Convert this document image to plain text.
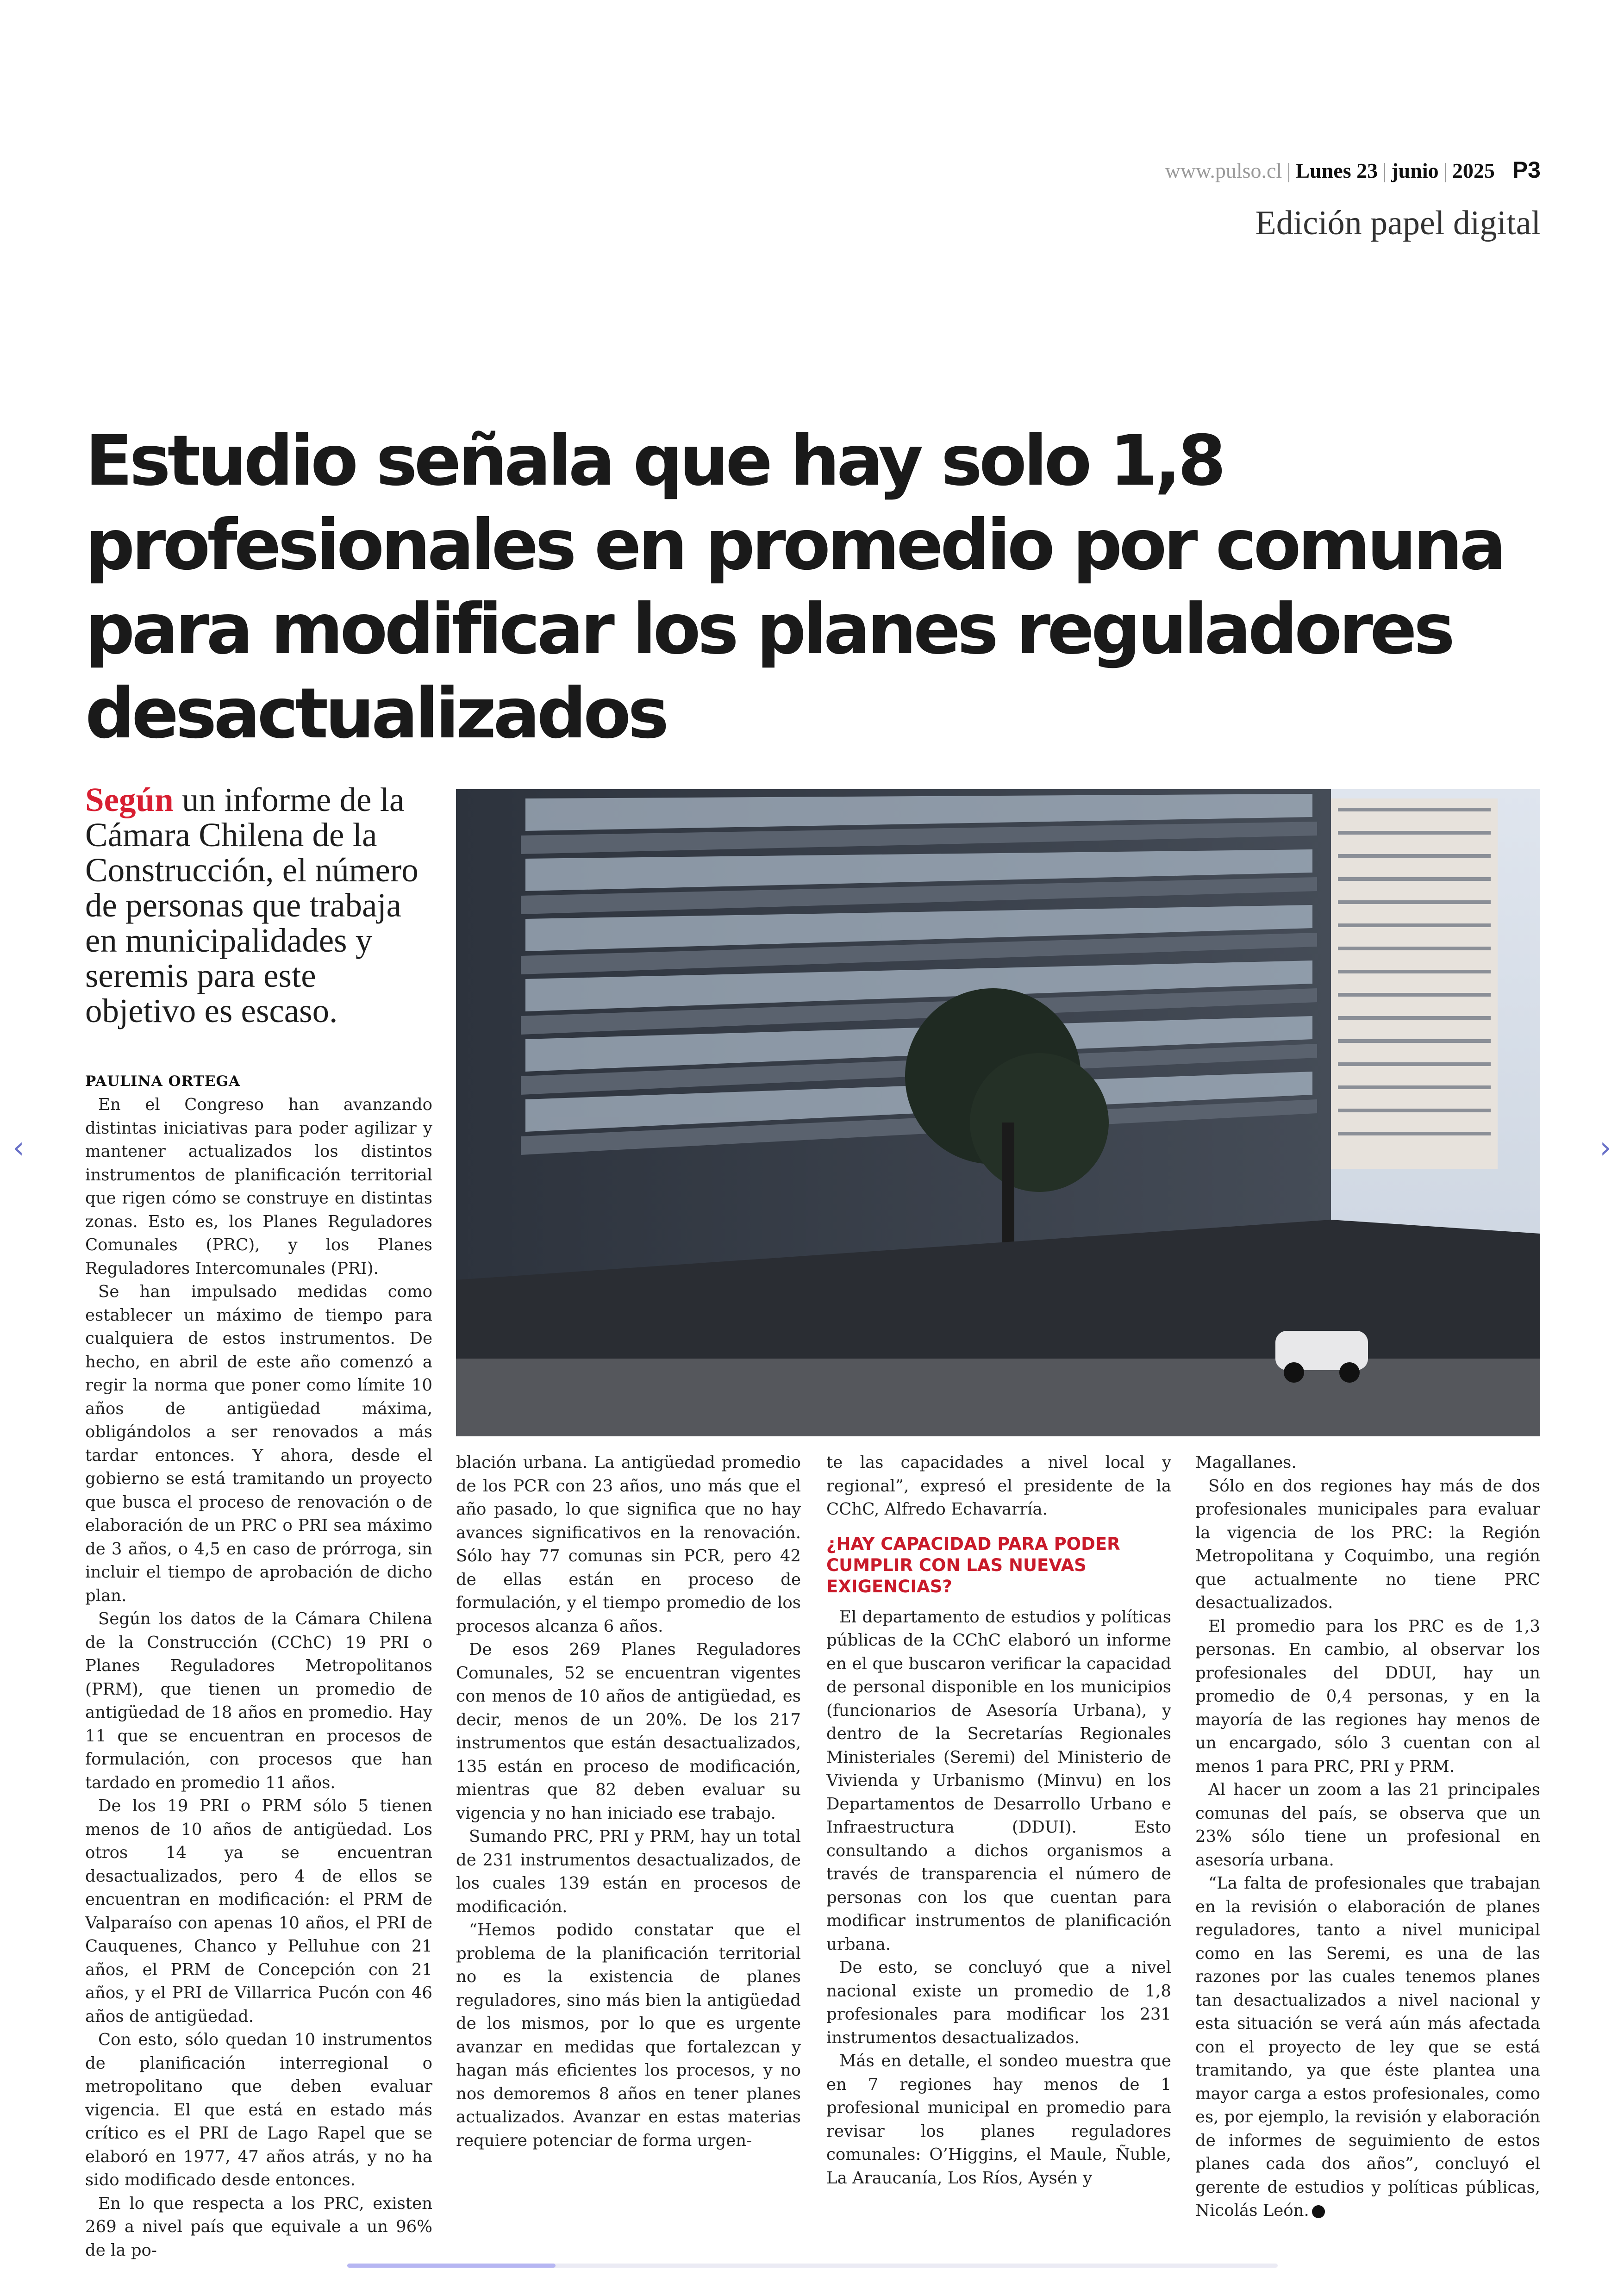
www.pulso.cl | Lunes 23 | junio | 2025 P3
Edición papel digital
Estudio señala que hay solo 1,8 profesionales en promedio por comuna para modificar los planes reguladores desactualizados
Según un informe de la Cámara Chilena de la Construcción, el número de personas que trabaja en municipalidades y seremis para este objetivo es escaso.
PAULINA ORTEGA

En el Congreso han avanzando distintas iniciativas para poder agilizar y mantener actualizados los distintos instrumentos de planificación territorial que rigen cómo se construye en distintas zonas. Esto es, los Planes Reguladores Comunales (PRC), y los Planes Reguladores Intercomunales (PRI).

Se han impulsado medidas como establecer un máximo de tiempo para cualquiera de estos instrumentos. De hecho, en abril de este año comenzó a regir la norma que poner como límite 10 años de antigüedad máxima, obligándolos a ser renovados a más tardar entonces. Y ahora, desde el gobierno se está tramitando un proyecto que busca el proceso de renovación o de elaboración de un PRC o PRI sea máximo de 3 años, o 4,5 en caso de prórroga, sin incluir el tiempo de aprobación de dicho plan.

Según los datos de la Cámara Chilena de la Construcción (CChC) 19 PRI o Planes Reguladores Metropolitanos (PRM), que tienen un promedio de antigüedad de 18 años en promedio. Hay 11 que se encuentran en procesos de formulación, con procesos que han tardado en promedio 11 años.

De los 19 PRI o PRM sólo 5 tienen menos de 10 años de antigüedad. Los otros 14 ya se encuentran desactualizados, pero 4 de ellos se encuentran en modificación: el PRM de Valparaíso con apenas 10 años, el PRI de Cauquenes, Chanco y Pelluhue con 21 años, el PRM de Concepción con 21 años, y el PRI de Villarrica Pucón con 46 años de antigüedad.

Con esto, sólo quedan 10 instrumentos de planificación interregional o metropolitano que deben evaluar vigencia. El que está en estado más crítico es el PRI de Lago Rapel que se elaboró en 1977, 47 años atrás, y no ha sido modificado desde entonces.

En lo que respecta a los PRC, existen 269 a nivel país que equivale a un 96% de la po-

blación urbana. La antigüedad promedio de los PCR con 23 años, uno más que el año pasado, lo que significa que no hay avances significativos en la renovación. Sólo hay 77 comunas sin PCR, pero 42 de ellas están en proceso de formulación, y el tiempo promedio de los procesos alcanza 6 años.

De esos 269 Planes Reguladores Comunales, 52 se encuentran vigentes con menos de 10 años de antigüedad, es decir, menos de un 20%. De los 217 instrumentos que están desactualizados, 135 están en proceso de modificación, mientras que 82 deben evaluar su vigencia y no han iniciado ese trabajo.

Sumando PRC, PRI y PRM, hay un total de 231 instrumentos desactualizados, de los cuales 139 están en procesos de modificación.

“Hemos podido constatar que el problema de la planificación territorial no es la existencia de planes reguladores, sino más bien la antigüedad de los mismos, por lo que es urgente avanzar en medidas que fortalezcan y hagan más eficientes los procesos, y no nos demoremos 8 años en tener planes actualizados. Avanzar en estas materias requiere potenciar de forma urgen-

te las capacidades a nivel local y regional”, expresó el presidente de la CChC, Alfredo Echavarría.

¿HAY CAPACIDAD PARA PODER CUMPLIR CON LAS NUEVAS EXIGENCIAS?

El departamento de estudios y políticas públicas de la CChC elaboró un informe en el que buscaron verificar la capacidad de personal disponible en los municipios (funcionarios de Asesoría Urbana), y dentro de la Secretarías Regionales Ministeriales (Seremi) del Ministerio de Vivienda y Urbanismo (Minvu) en los Departamentos de Desarrollo Urbano e Infraestructura (DDUI). Esto consultando a dichos organismos a través de transparencia el número de personas con los que cuentan para modificar instrumentos de planificación urbana.

De esto, se concluyó que a nivel nacional existe un promedio de 1,8 profesionales para modificar los 231 instrumentos desactualizados.

Más en detalle, el sondeo muestra que en 7 regiones hay menos de 1 profesional municipal en promedio para revisar los planes reguladores comunales: O’Higgins, el Maule, Ñuble, La Araucanía, Los Ríos, Aysén y

Magallanes.

Sólo en dos regiones hay más de dos profesionales municipales para evaluar la vigencia de los PRC: la Región Metropolitana y Coquimbo, una región que actualmente no tiene PRC desactualizados.

El promedio para los PRC es de 1,3 personas. En cambio, al observar los profesionales del DDUI, hay un promedio de 0,4 personas, y en la mayoría de las regiones hay menos de un encargado, sólo 3 cuentan con al menos 1 para PRC, PRI y PRM.

Al hacer un zoom a las 21 principales comunas del país, se observa que un 23% sólo tiene un profesional en asesoría urbana.

“La falta de profesionales que trabajan en la revisión o elaboración de planes reguladores, tanto a nivel municipal como en las Seremi, es una de las razones por las cuales tenemos planes tan desactualizados a nivel nacional y esta situación se verá aún más afectada con el proyecto de ley que se está tramitando, ya que éste plantea una mayor carga a estos profesionales, como es, por ejemplo, la revisión y elaboración de informes de seguimiento de estos planes cada dos años”, concluyó el gerente de estudios y políticas públicas, Nicolás León. P

‹	›
